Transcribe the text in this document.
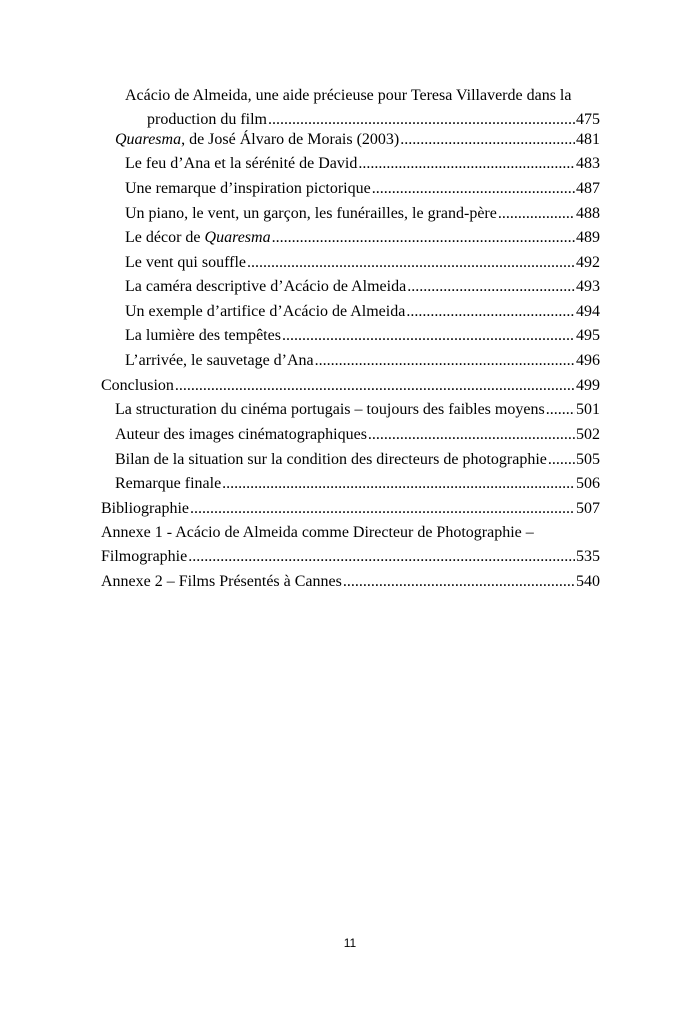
Acácio de Almeida, une aide précieuse pour Teresa Villaverde dans la
production du film .....	475
Quaresma, de José Álvaro de Morais (2003) .....	481
Le feu d’Ana et la sérénité de David .....	483
Une remarque d’inspiration pictorique .....	487
Un piano, le vent, un garçon, les funérailles, le grand-père .....	488
Le décor de Quaresma .....	489
Le vent qui souffle .....	492
La caméra descriptive d’Acácio de Almeida .....	493
Un exemple d’artifice d’Acácio de Almeida .....	494
La lumière des tempêtes .....	495
L’arrivée, le sauvetage d’Ana .....	496
Conclusion .....	499
La structuration du cinéma portugais – toujours des faibles moyens ..... 501
Auteur des images cinématographiques .....	502
Bilan de la situation sur la condition des directeurs de photographie ..... 505
Remarque finale .....	506
Bibliographie .....	507
Annexe 1 - Acácio de Almeida comme Directeur de Photographie –
Filmographie .....	535
Annexe 2 – Films Présentés à Cannes .....	540
11
